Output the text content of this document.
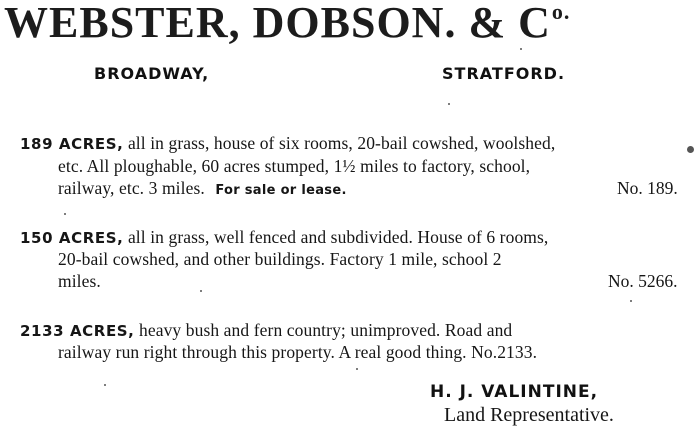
WEBSTER, DOBSON. & $C^{o.}$
BROADWAY,	STRATFORD.
189 ACRES, all in grass, house of six rooms, 20-bail cowshed, woolshed,
etc. All ploughable, 60 acres stumped, 1½ miles to factory, school,
railway, etc. 3 miles. For sale or lease.	No. 189.
150 ACRES, all in grass, well fenced and subdivided. House of 6 rooms,
20-bail cowshed, and other buildings. Factory 1 mile, school 2
miles.	No. 5266.
2133 ACRES, heavy bush and fern country; unimproved. Road and
railway run right through this property. A real good thing. No.2133.
H. J. VALINTINE,
Land Representative.
